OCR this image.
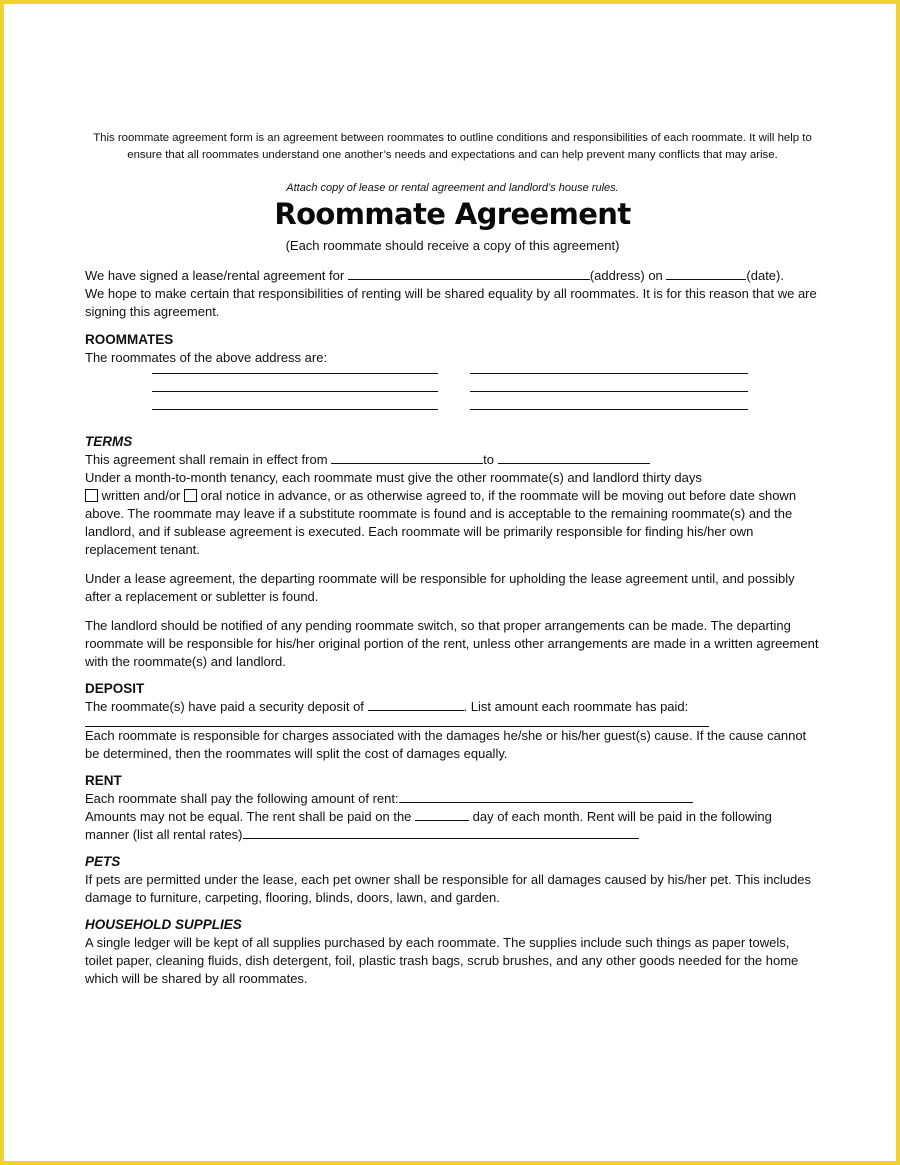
This roommate agreement form is an agreement between roommates to outline conditions and responsibilities of each roommate. It will help to ensure that all roommates understand one another’s needs and expectations and can help prevent many conflicts that may arise.

Attach copy of lease or rental agreement and landlord’s house rules.

Roommate Agreement

(Each roommate should receive a copy of this agreement)

We have signed a lease/rental agreement for	(address) on	(date).
We hope to make certain that responsibilities of renting will be shared equality by all roommates. It is for this reason that we are signing this agreement.

ROOMMATES

The roommates of the above address are:

TERMS

This agreement shall remain in effect from	to
Under a month-to-month tenancy, each roommate must give the other roommate(s) and landlord thirty days
written and/or  oral notice in advance, or as otherwise agreed to, if the roommate will be moving out before date shown above. The roommate may leave if a substitute roommate is found and is acceptable to the remaining roommate(s) and the landlord, and if sublease agreement is executed. Each roommate will be primarily responsible for finding his/her own replacement tenant.

Under a lease agreement, the departing roommate will be responsible for upholding the lease agreement until, and possibly after a replacement or subletter is found.

The landlord should be notified of any pending roommate switch, so that proper arrangements can be made. The departing roommate will be responsible for his/her original portion of the rent, unless other arrangements are made in a written agreement with the roommate(s) and landlord.

DEPOSIT

The roommate(s) have paid a security deposit of	. List amount each roommate has paid:

Each roommate is responsible for charges associated with the damages he/she or his/her guest(s) cause. If the cause cannot be determined, then the roommates will split the cost of damages equally.

RENT

Each roommate shall pay the following amount of rent:
Amounts may not be equal. The rent shall be paid on the	day of each month. Rent will be paid in the following
manner (list all rental rates)

PETS

If pets are permitted under the lease, each pet owner shall be responsible for all damages caused by his/her pet. This includes damage to furniture, carpeting, flooring, blinds, doors, lawn, and garden.

HOUSEHOLD SUPPLIES

A single ledger will be kept of all supplies purchased by each roommate. The supplies include such things as paper towels, toilet paper, cleaning fluids, dish detergent, foil, plastic trash bags, scrub brushes, and any other goods needed for the home which will be shared by all roommates.
